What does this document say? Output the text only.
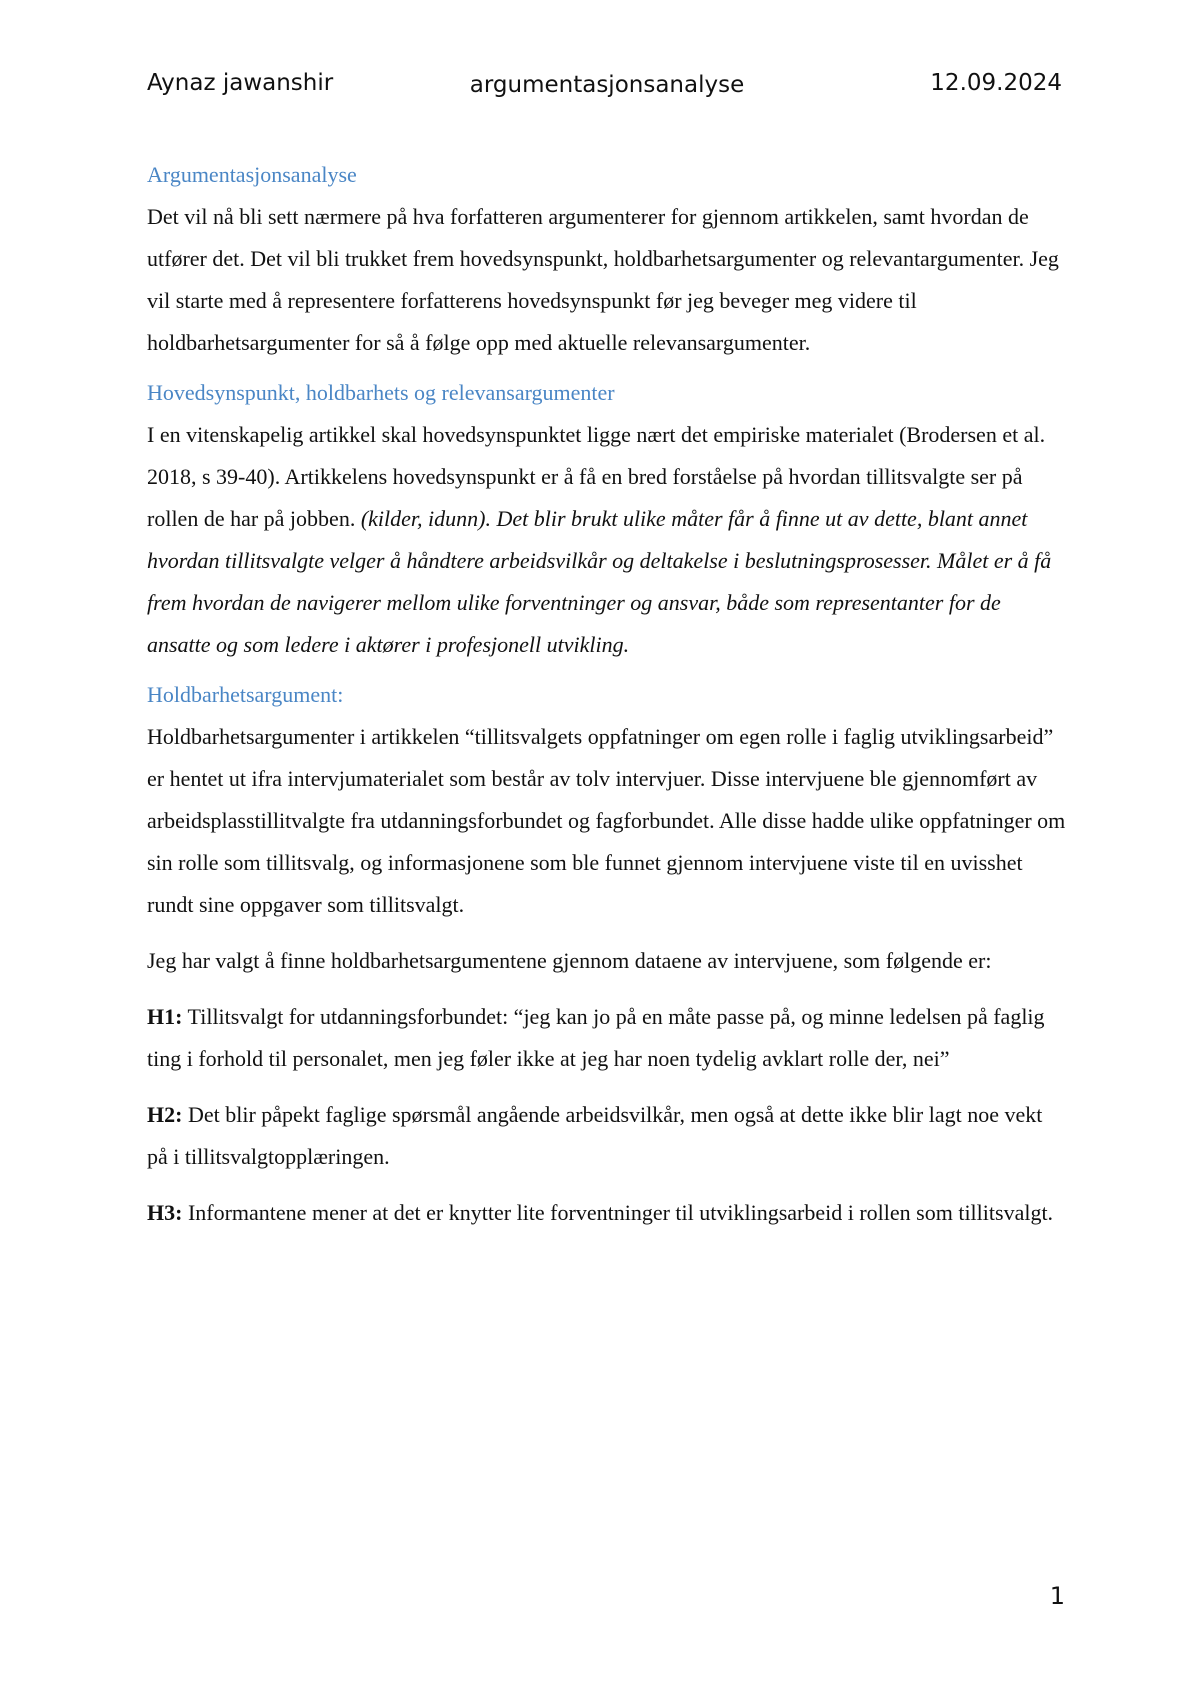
Aynaz jawanshir	argumentasjonsanalyse	12.09.2024
Argumentasjonsanalyse

Det vil nå bli sett nærmere på hva forfatteren argumenterer for gjennom artikkelen, samt hvordan de utfører det. Det vil bli trukket frem hovedsynspunkt, holdbarhetsargumenter og relevantargumenter. Jeg vil starte med å representere forfatterens hovedsynspunkt før jeg beveger meg videre til holdbarhetsargumenter for så å følge opp med aktuelle relevansargumenter.

Hovedsynspunkt, holdbarhets og relevansargumenter

I en vitenskapelig artikkel skal hovedsynspunktet ligge nært det empiriske materialet (Brodersen et al. 2018, s 39-40). Artikkelens hovedsynspunkt er å få en bred forståelse på hvordan tillitsvalgte ser på rollen de har på jobben. (kilder, idunn). Det blir brukt ulike måter får å finne ut av dette, blant annet hvordan tillitsvalgte velger å håndtere arbeidsvilkår og deltakelse i beslutningsprosesser. Målet er å få frem hvordan de navigerer mellom ulike forventninger og ansvar, både som representanter for de ansatte og som ledere i aktører i profesjonell utvikling.

Holdbarhetsargument:

Holdbarhetsargumenter i artikkelen “tillitsvalgets oppfatninger om egen rolle i faglig utviklingsarbeid” er hentet ut ifra intervjumaterialet som består av tolv intervjuer. Disse intervjuene ble gjennomført av arbeidsplasstillitvalgte fra utdanningsforbundet og fagforbundet. Alle disse hadde ulike oppfatninger om sin rolle som tillitsvalg, og informasjonene som ble funnet gjennom intervjuene viste til en uvisshet rundt sine oppgaver som tillitsvalgt.

Jeg har valgt å finne holdbarhetsargumentene gjennom dataene av intervjuene, som følgende er:

H1: Tillitsvalgt for utdanningsforbundet: “jeg kan jo på en måte passe på, og minne ledelsen på faglig ting i forhold til personalet, men jeg føler ikke at jeg har noen tydelig avklart rolle der, nei”

H2: Det blir påpekt faglige spørsmål angående arbeidsvilkår, men også at dette ikke blir lagt noe vekt på i tillitsvalgtopplæringen.

H3: Informantene mener at det er knytter lite forventninger til utviklingsarbeid i rollen som tillitsvalgt.

1
